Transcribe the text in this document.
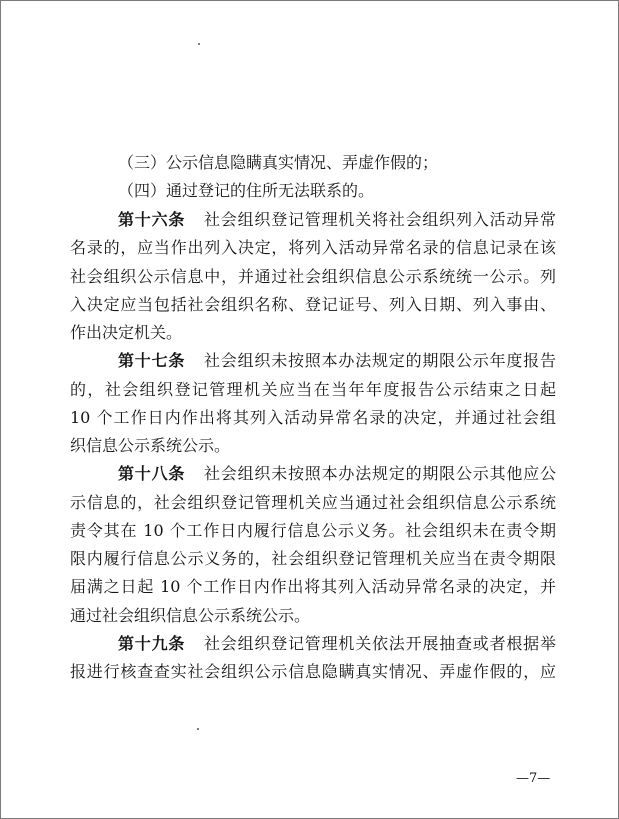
（三）公示信息隐瞒真实情况、弄虚作假的；
（四）通过登记的住所无法联系的。
第十六条 社会组织登记管理机关将社会组织列入活动异常
名录的，应当作出列入决定，将列入活动异常名录的信息记录在该
社会组织公示信息中，并通过社会组织信息公示系统统一公示。列
入决定应当包括社会组织名称、登记证号、列入日期、列入事由、
作出决定机关。
第十七条 社会组织未按照本办法规定的期限公示年度报告
的，社会组织登记管理机关应当在当年年度报告公示结束之日起
10 个工作日内作出将其列入活动异常名录的决定，并通过社会组
织信息公示系统公示。
第十八条 社会组织未按照本办法规定的期限公示其他应公
示信息的，社会组织登记管理机关应当通过社会组织信息公示系统
责令其在 10 个工作日内履行信息公示义务。社会组织未在责令期
限内履行信息公示义务的，社会组织登记管理机关应当在责令期限
届满之日起 10 个工作日内作出将其列入活动异常名录的决定，并
通过社会组织信息公示系统公示。
第十九条 社会组织登记管理机关依法开展抽查或者根据举
报进行核查查实社会组织公示信息隐瞒真实情况、弄虚作假的，应
—7—
